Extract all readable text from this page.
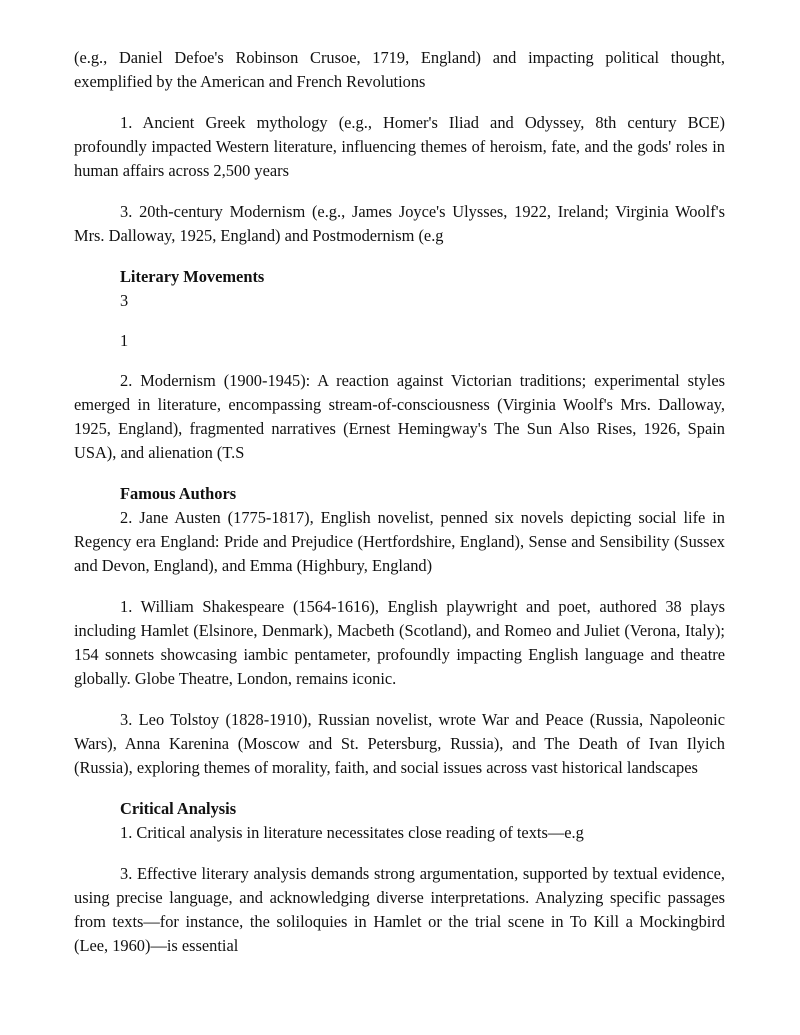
(e.g., Daniel Defoe's Robinson Crusoe, 1719, England) and impacting political thought, exemplified by the American and French Revolutions

1. Ancient Greek mythology (e.g., Homer's Iliad and Odyssey, 8th century BCE) profoundly impacted Western literature, influencing themes of heroism, fate, and the gods' roles in human affairs across 2,500 years

3. 20th-century Modernism (e.g., James Joyce's Ulysses, 1922, Ireland; Virginia Woolf's Mrs. Dalloway, 1925, England) and Postmodernism (e.g

Literary Movements

3

1

2. Modernism (1900-1945): A reaction against Victorian traditions; experimental styles emerged in literature, encompassing stream-of-consciousness (Virginia Woolf's Mrs. Dalloway, 1925, England), fragmented narratives (Ernest Hemingway's The Sun Also Rises, 1926, Spain USA), and alienation (T.S

Famous Authors

2. Jane Austen (1775-1817), English novelist, penned six novels depicting social life in Regency era England: Pride and Prejudice (Hertfordshire, England), Sense and Sensibility (Sussex and Devon, England), and Emma (Highbury, England)

1. William Shakespeare (1564-1616), English playwright and poet, authored 38 plays including Hamlet (Elsinore, Denmark), Macbeth (Scotland), and Romeo and Juliet (Verona, Italy); 154 sonnets showcasing iambic pentameter, profoundly impacting English language and theatre globally. Globe Theatre, London, remains iconic.

3. Leo Tolstoy (1828-1910), Russian novelist, wrote War and Peace (Russia, Napoleonic Wars), Anna Karenina (Moscow and St. Petersburg, Russia), and The Death of Ivan Ilyich (Russia), exploring themes of morality, faith, and social issues across vast historical landscapes

Critical Analysis

1. Critical analysis in literature necessitates close reading of texts—e.g

3. Effective literary analysis demands strong argumentation, supported by textual evidence, using precise language, and acknowledging diverse interpretations. Analyzing specific passages from texts—for instance, the soliloquies in Hamlet or the trial scene in To Kill a Mockingbird (Lee, 1960)—is essential
